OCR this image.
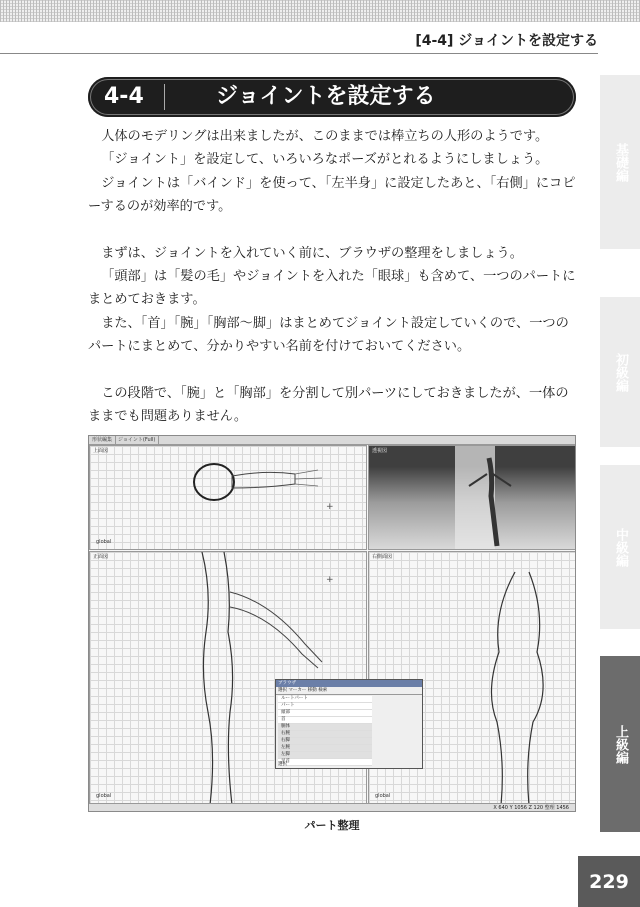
[4-4] ジョイントを設定する
基礎編
初級編
中級編
上級編
4-4	ジョイントを設定する

人体のモデリングは出来ましたが、このままでは棒立ちの人形のようです。

「ジョイント」を設定して、いろいろなポーズがとれるようにしましょう。

ジョイントは「バインド」を使って、「左半身」に設定したあと、「右側」にコピーするのが効率的です。

まずは、ジョイントを入れていく前に、ブラウザの整理をしましょう。

「頭部」は「髪の毛」やジョイントを入れた「眼球」も含めて、一つのパートにまとめておきます。

また、「首」「腕」「胸部～脚」はまとめてジョイント設定していくので、一つのパートにまとめて、分かりやすい名前を付けておいてください。

この段階で、「腕」と「胸部」を分割して別パーツにしておきましたが、一体のままでも問題ありません。

形状編集	ジョイント(Full)
上面図
+
global
透視図
正面図
+
global
右側面図
global
ブラウザ
選択 マーカー 移動 検索
ルートパート
パート
頭部
首
胴体
右腕
右脚
左腕
左脚
足首
選択
X 640 Y 1056 Z 120 整理 1456
パート整理
229
